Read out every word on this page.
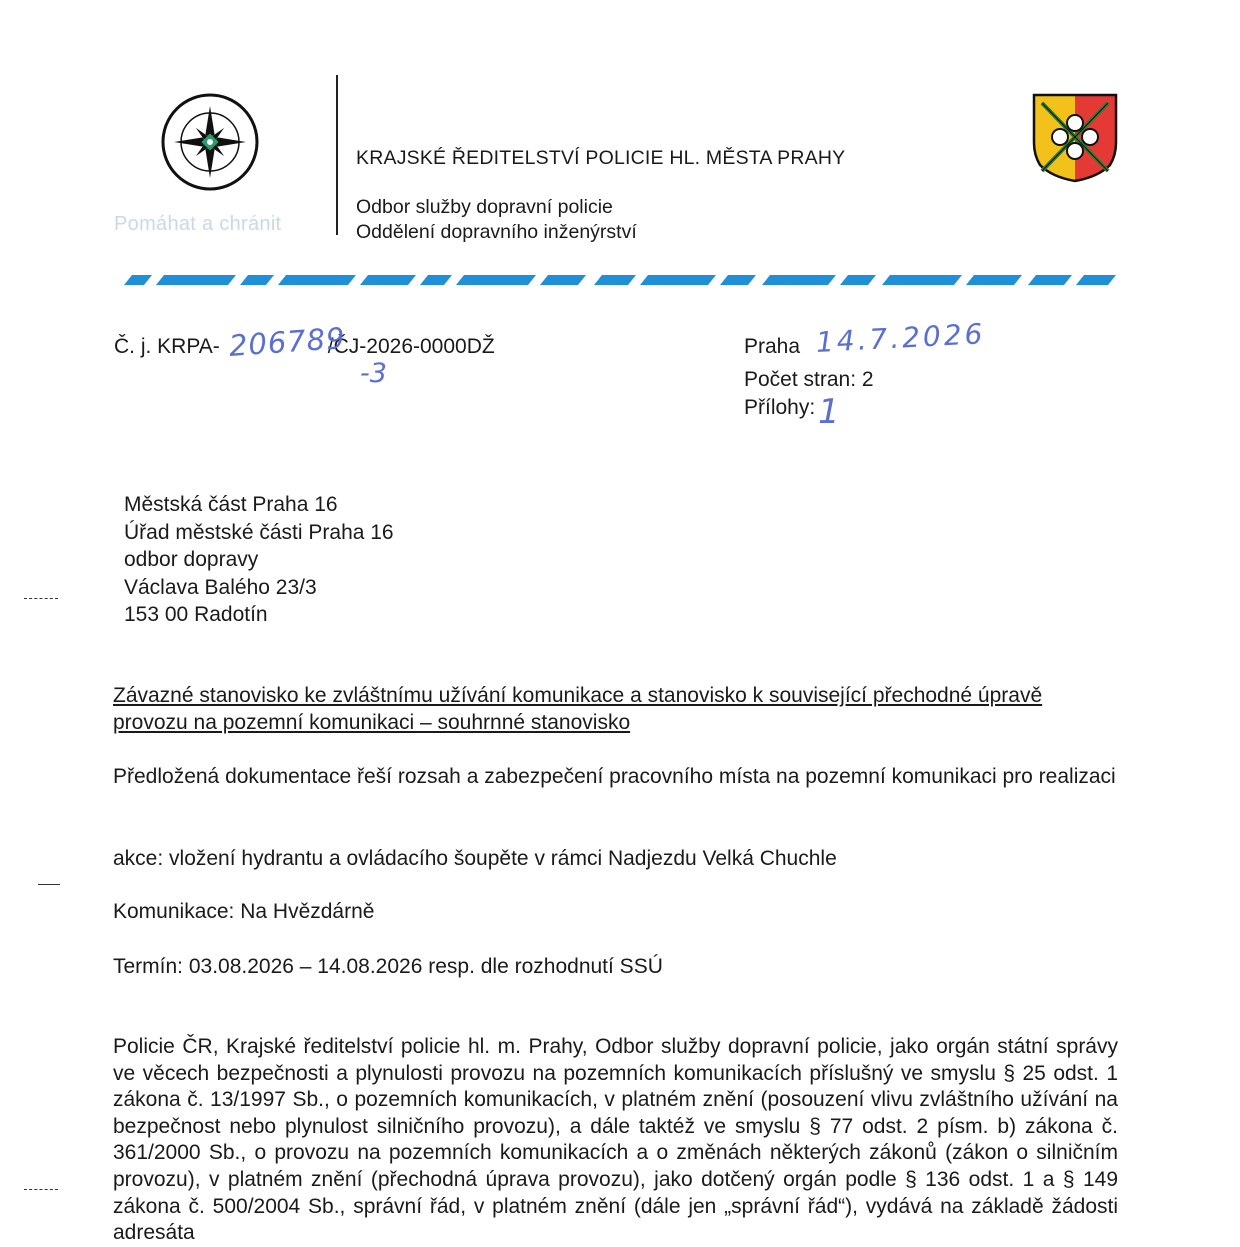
Pomáhat a chránit
KRAJSKÉ ŘEDITELSTVÍ POLICIE HL. MĚSTA PRAHY
Odbor služby dopravní policie
Oddělení dopravního inženýrství
Č. j. KRPA-	/ČJ-2026-0000DŽ
206789
-3
Praha 14.7.2026
Počet stran: 2
Přílohy: 1
Městská část Praha 16
Úřad městské části Praha 16
odbor dopravy
Václava Balého 23/3
153 00 Radotín
Závazné stanovisko ke zvláštnímu užívání komunikace a stanovisko k související přechodné úpravě provozu na pozemní komunikaci – souhrnné stanovisko
Předložená dokumentace řeší rozsah a zabezpečení pracovního místa na pozemní komunikaci pro realizaci
akce: vložení hydrantu a ovládacího šoupěte v rámci Nadjezdu Velká Chuchle
Komunikace: Na Hvězdárně
Termín: 03.08.2026 – 14.08.2026 resp. dle rozhodnutí SSÚ
Policie ČR, Krajské ředitelství policie hl. m. Prahy, Odbor služby dopravní policie, jako orgán státní správy ve věcech bezpečnosti a plynulosti provozu na pozemních komunikacích příslušný ve smyslu § 25 odst. 1 zákona č. 13/1997 Sb., o pozemních komunikacích, v platném znění (posouzení vlivu zvláštního užívání na bezpečnost nebo plynulost silničního provozu), a dále taktéž ve smyslu § 77 odst. 2 písm. b) zákona č. 361/2000 Sb., o provozu na pozemních komunikacích a o změnách některých zákonů (zákon o silničním provozu), v platném znění (přechodná úprava provozu), jako dotčený orgán podle § 136 odst. 1 a § 149 zákona č. 500/2004 Sb., správní řád, v platném znění (dále jen „správní řád“), vydává na základě žádosti adresáta
